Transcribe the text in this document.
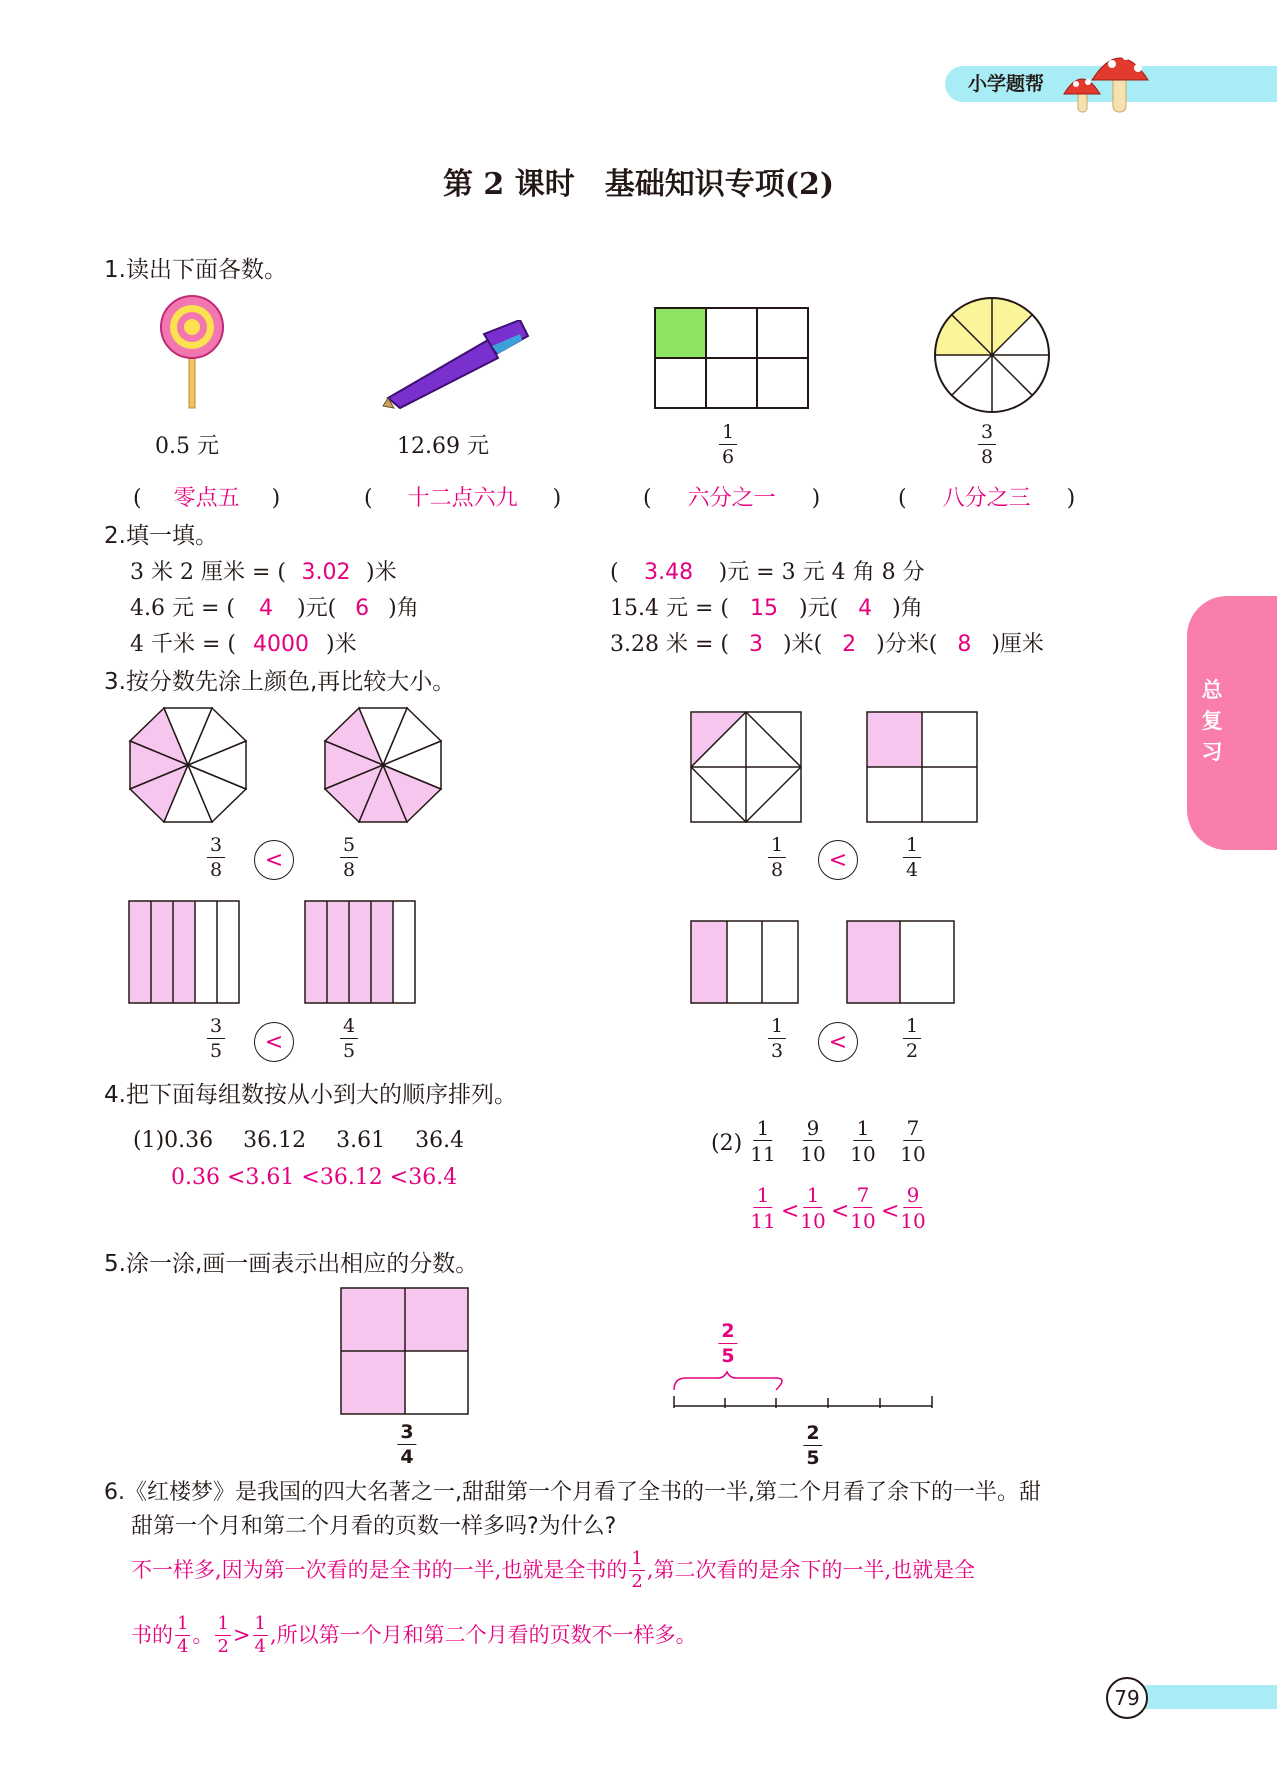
小学题帮
总复习
79
第 2 课时　基础知识专项(2)
1.读出下面各数。
0.5 元	12.69 元	$\frac{1}{6}$	$\frac{3}{8}$
( 零点五 )	( 十二点六九 )	( 六分之一 )	( 八分之三 )
2.填一填。
3 米 2 厘米 = ( 3.02 )米
4.6 元 = ( 4 )元( 6 )角
4 千米 = ( 4000 )米
( 3.48 )元 = 3 元 4 角 8 分
15.4 元 = ( 15 )元( 4 )角
3.28 米 = ( 3 )米( 2 )分米( 8 )厘米
3.按分数先涂上颜色,再比较大小。
$\frac{3}{8}$	<	$\frac{5}{8}$	$\frac{1}{8}$	<	$\frac{1}{4}$
$\frac{3}{5}$	<	$\frac{4}{5}$	$\frac{1}{3}$	<	$\frac{1}{2}$
4.把下面每组数按从小到大的顺序排列。
(1)0.36 36.12 3.61 36.4
0.36 <3.61 <36.12 <36.4
$(2) \frac{1}{11} \frac{9}{10} \frac{1}{10} \frac{7}{10}$
$\frac{1}{11} < \frac{1}{10} < \frac{7}{10} < \frac{9}{10}$
5.涂一涂,画一画表示出相应的分数。
$\frac{3}{4}$
$\frac{2}{5}$
$\frac{2}{5}$
6.《红楼梦》是我国的四大名著之一,甜甜第一个月看了全书的一半,第二个月看了余下的一半。甜
甜第一个月和第二个月看的页数一样多吗?为什么?
不一样多,因为第一次看的是全书的一半,也就是全书的 $\frac{1}{2}$ ,第二次看的是余下的一半,也就是全
书的 $\frac{1}{4}$ 。 $\frac{1}{2} > \frac{1}{4}$ ,所以第一个月和第二个月看的页数不一样多。
